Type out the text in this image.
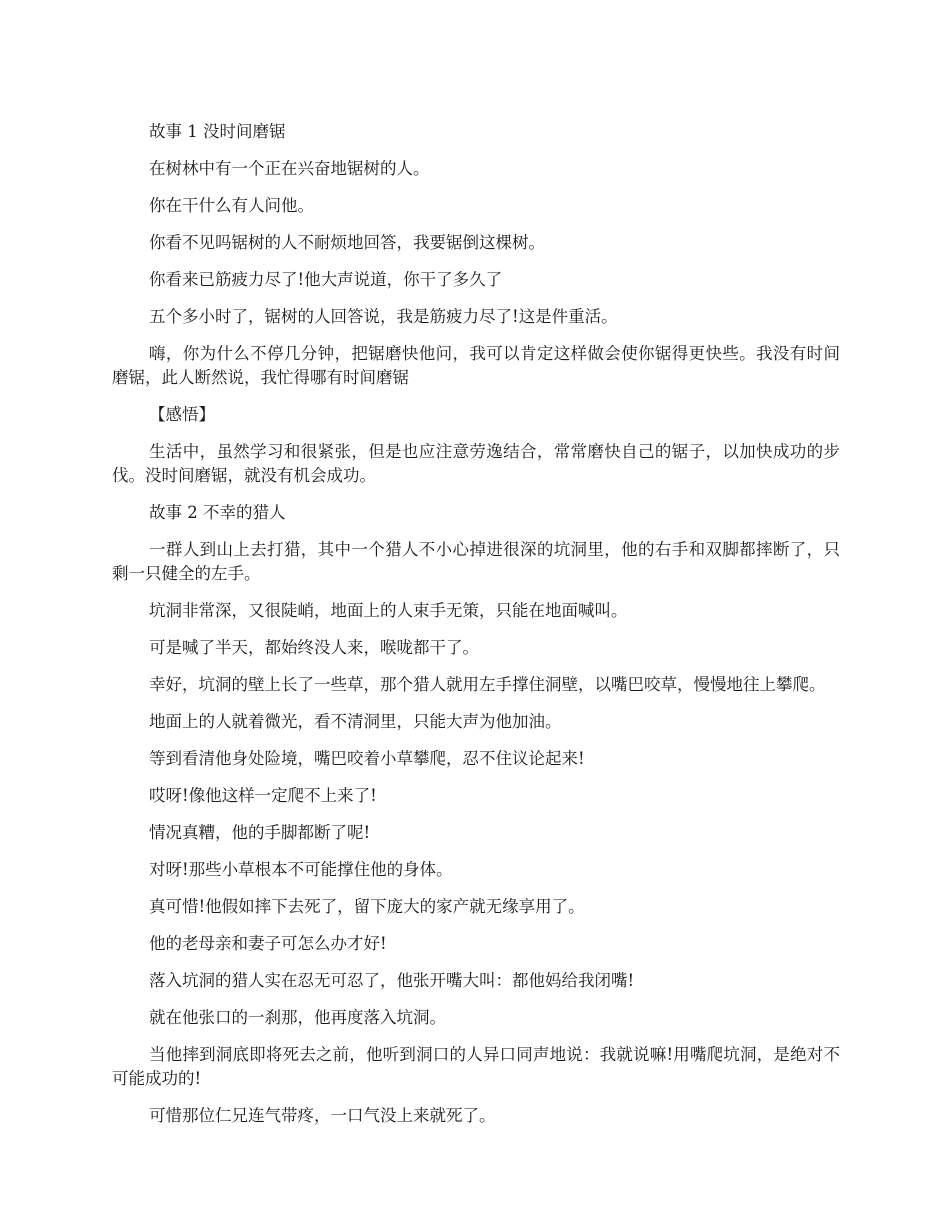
故事 1 没时间磨锯

在树林中有一个正在兴奋地锯树的人。

你在干什么有人问他。

你看不见吗锯树的人不耐烦地回答，我要锯倒这棵树。

你看来已筋疲力尽了!他大声说道，你干了多久了

五个多小时了，锯树的人回答说，我是筋疲力尽了!这是件重活。

嗨，你为什么不停几分钟，把锯磨快他问，我可以肯定这样做会使你锯得更快些。我没有时间磨锯，此人断然说，我忙得哪有时间磨锯

【感悟】

生活中，虽然学习和很紧张，但是也应注意劳逸结合，常常磨快自己的锯子，以加快成功的步伐。没时间磨锯，就没有机会成功。

故事 2 不幸的猎人

一群人到山上去打猎，其中一个猎人不小心掉进很深的坑洞里，他的右手和双脚都摔断了，只剩一只健全的左手。

坑洞非常深，又很陡峭，地面上的人束手无策，只能在地面喊叫。

可是喊了半天，都始终没人来，喉咙都干了。

幸好，坑洞的壁上长了一些草，那个猎人就用左手撑住洞壁，以嘴巴咬草，慢慢地往上攀爬。

地面上的人就着微光，看不清洞里，只能大声为他加油。

等到看清他身处险境，嘴巴咬着小草攀爬，忍不住议论起来!

哎呀!像他这样一定爬不上来了!

情况真糟，他的手脚都断了呢!

对呀!那些小草根本不可能撑住他的身体。

真可惜!他假如摔下去死了，留下庞大的家产就无缘享用了。

他的老母亲和妻子可怎么办才好!

落入坑洞的猎人实在忍无可忍了，他张开嘴大叫：都他妈给我闭嘴!

就在他张口的一刹那，他再度落入坑洞。

当他摔到洞底即将死去之前，他听到洞口的人异口同声地说：我就说嘛!用嘴爬坑洞，是绝对不可能成功的!

可惜那位仁兄连气带疼，一口气没上来就死了。
